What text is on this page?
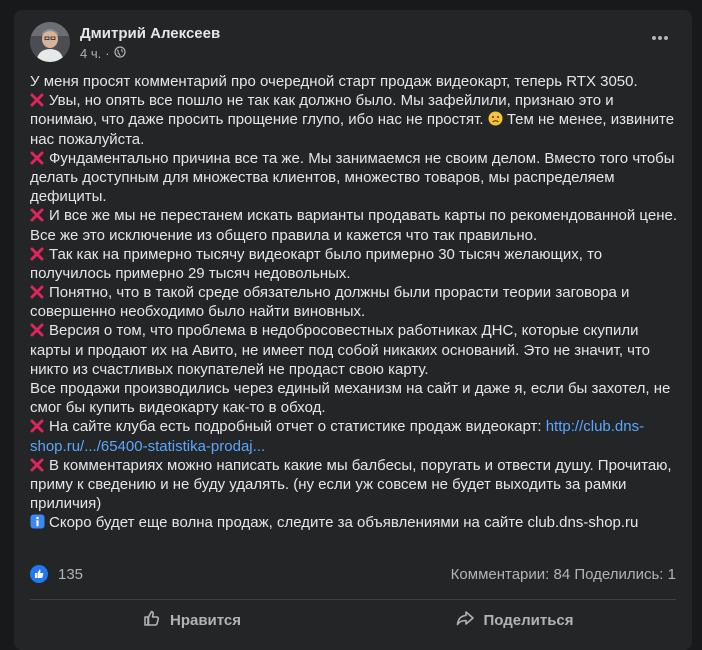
Дмитрий Алексеев
4 ч. ·
У меня просят комментарий про очередной старт продаж видеокарт, теперь RTX 3050.
Увы, но опять все пошло не так как должно было. Мы зафейлили, признаю это и
понимаю, что даже просить прощение глупо, ибо нас не простят. Тем не менее, извините
нас пожалуйста.
Фундаментально причина все та же. Мы занимаемся не своим делом. Вместо того чтобы
делать доступным для множества клиентов, множество товаров, мы распределяем
дефициты.
И все же мы не перестанем искать варианты продавать карты по рекомендованной цене.
Все же это исключение из общего правила и кажется что так правильно.
Так как на примерно тысячу видеокарт было примерно 30 тысяч желающих, то
получилось примерно 29 тысяч недовольных.
Понятно, что в такой среде обязательно должны были прорасти теории заговора и
совершенно необходимо было найти виновных.
Версия о том, что проблема в недобросовестных работниках ДНС, которые скупили
карты и продают их на Авито, не имеет под собой никаких оснований. Это не значит, что
никто из счастливых покупателей не продаст свою карту.
Все продажи производились через единый механизм на сайт и даже я, если бы захотел, не
смог бы купить видеокарту как-то в обход.
На сайте клуба есть подробный отчет о статистике продаж видеокарт: http://club.dns-
shop.ru/.../65400-statistika-prodaj...
В комментариях можно написать какие мы балбесы, поругать и отвести душу. Прочитаю,
приму к сведению и не буду удалять. (ну если уж совсем не будет выходить за рамки
приличия)
Скоро будет еще волна продаж, следите за объявлениями на сайте club.dns-shop.ru
135	Комментарии: 84 Поделились: 1
Нравится	Поделиться
